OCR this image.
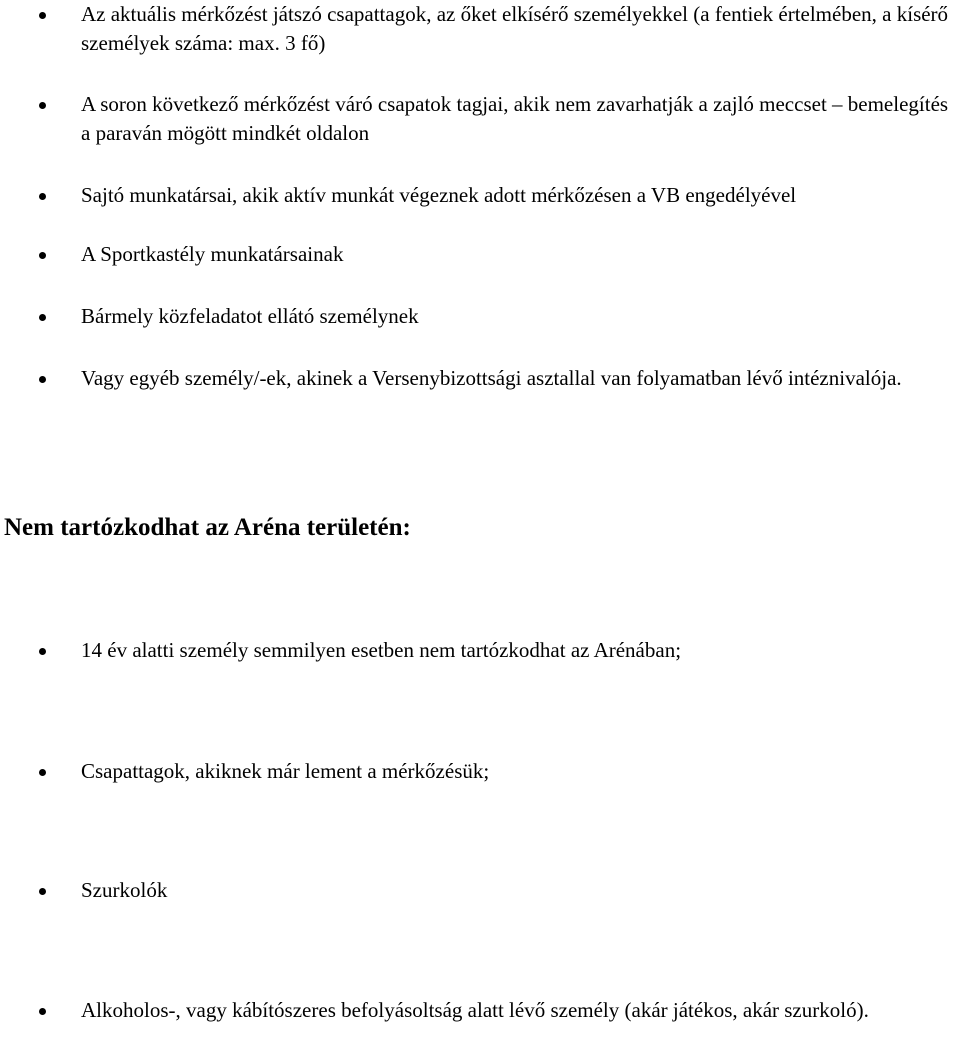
Az aktuális mérkőzést játszó csapattagok, az őket elkísérő személyekkel (a fentiek értelmében, a kísérő személyek száma: max. 3 fő)
A soron következő mérkőzést váró csapatok tagjai, akik nem zavarhatják a zajló meccset – bemelegítés a paraván mögött mindkét oldalon
Sajtó munkatársai, akik aktív munkát végeznek adott mérkőzésen a VB engedélyével
A Sportkastély munkatársainak
Bármely közfeladatot ellátó személynek
Vagy egyéb személy/-ek, akinek a Versenybizottsági asztallal van folyamatban lévő intéznivalója.
Nem tartózkodhat az Aréna területén:
14 év alatti személy semmilyen esetben nem tartózkodhat az Arénában;
Csapattagok, akiknek már lement a mérkőzésük;
Szurkolók
Alkoholos-, vagy kábítószeres befolyásoltság alatt lévő személy (akár játékos, akár szurkoló).
